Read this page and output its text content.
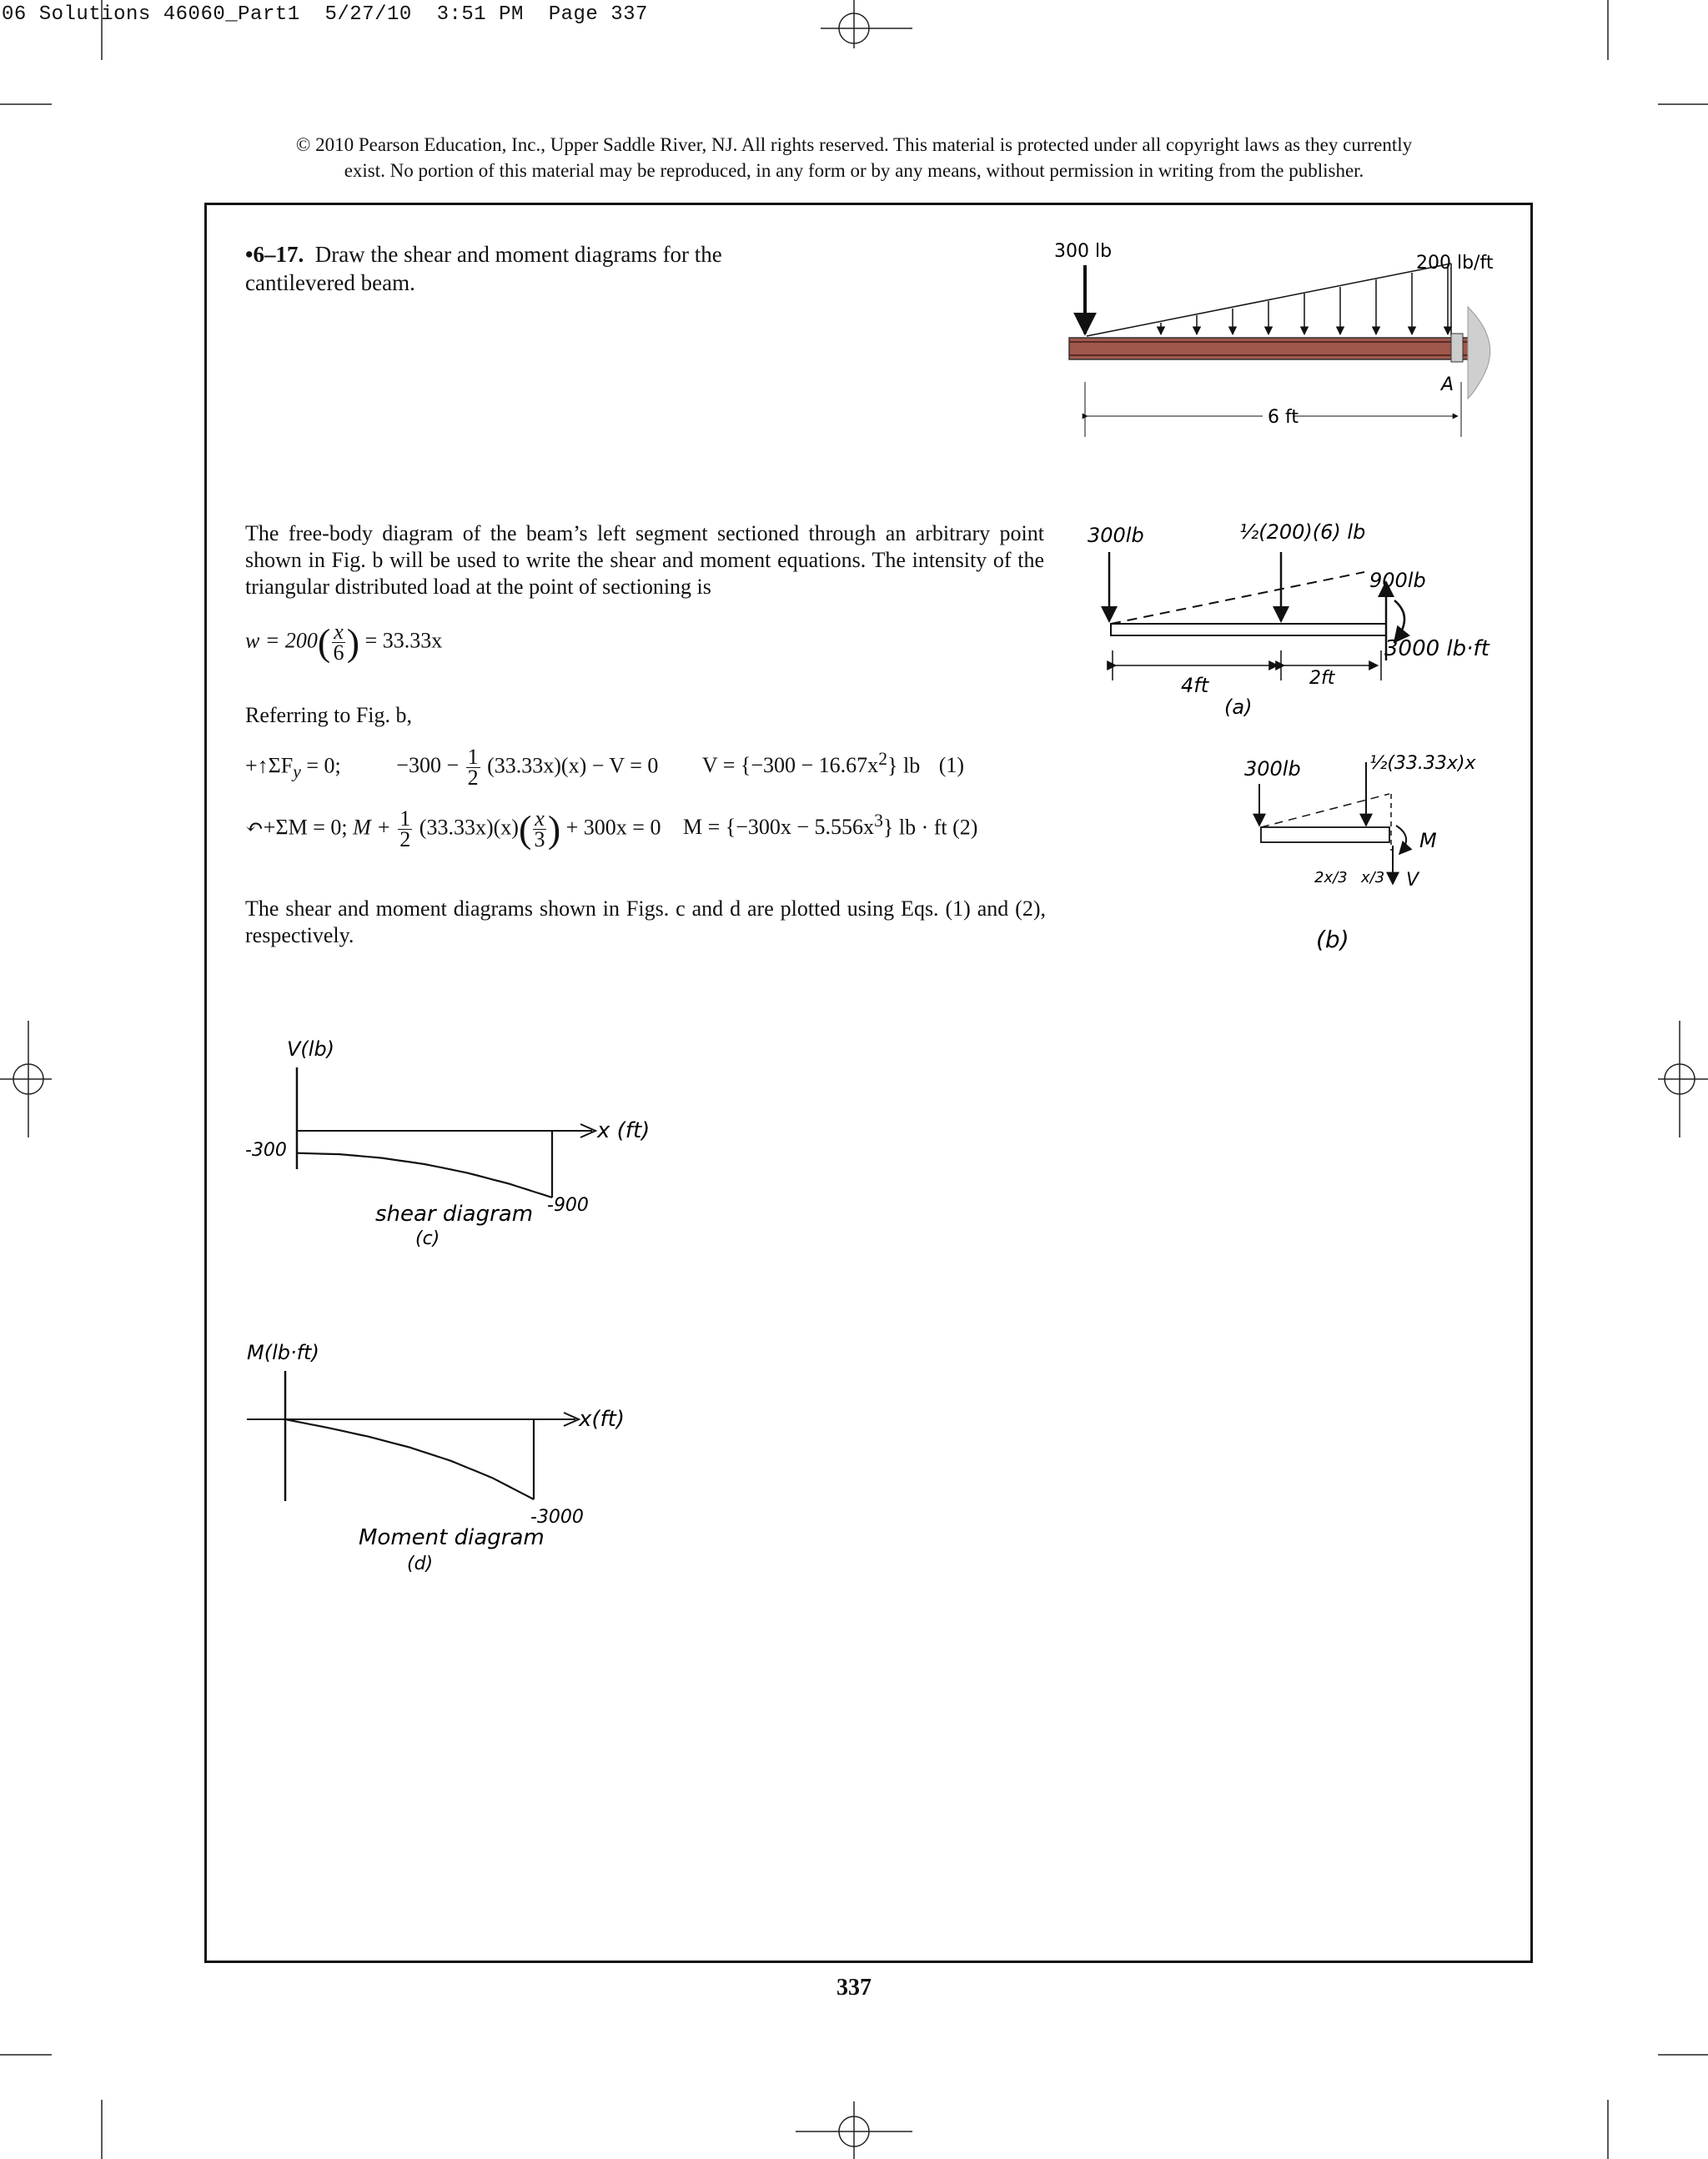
06 Solutions 46060_Part1  5/27/10  3:51 PM  Page 337
© 2010 Pearson Education, Inc., Upper Saddle River, NJ. All rights reserved. This material is protected under all copyright laws as they currently
exist. No portion of this material may be reproduced, in any form or by any means, without permission in writing from the publisher.
•6–17. Draw the shear and moment diagrams for the cantilevered beam.
300 lb
200 lb/ft
A
6 ft
The free-body diagram of the beam’s left segment sectioned through an arbitrary point shown in Fig. b will be used to write the shear and moment equations. The intensity of the triangular distributed load at the point of sectioning is
$w = 200( \frac{x}{6}$ ) = 33.33x
Referring to Fig. b,
$+↑\Sigma F_y = 0$;	$-300 - \frac{1}{2} (33.33x)(x) - V = 0$ $V = \{-300 - 16.67x^2\}$ lb (1)
↶+ΣM = 0; $M + \frac{1}{2} (33.33x)(x)( \frac{x}{3}$ ) + 300x = 0 $M = \{-300x - 5.556x^3\}$ lb · ft (2)
The shear and moment diagrams shown in Figs. c and d are plotted using Eqs. (1) and (2), respectively.
300lb	½(200)(6) lb
900lb
3000 lb·ft
4ft	2ft
(a)
300lb	½(33.33x)x
M
V
2x/3 x/3
(b)
V(lb)
x (ft)
-300
-900
shear diagram
(c)
M(lb·ft)
x(ft)
-3000
Moment diagram
(d)
337
